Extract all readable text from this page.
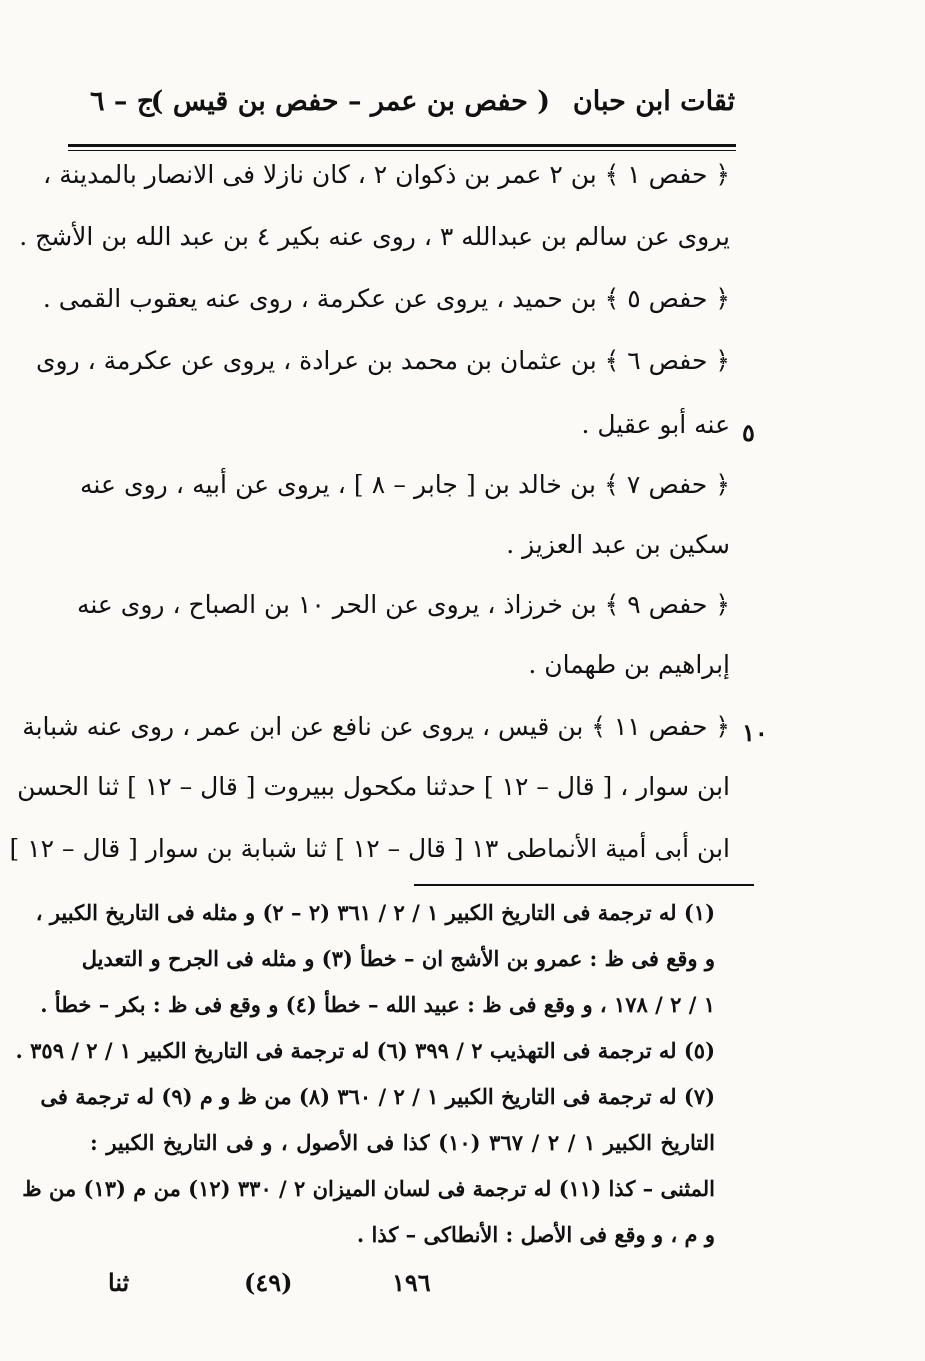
ثقات ابن حبان
( حفص بن عمر – حفص بن قيس )
ج – ٦
﴿ حفص ١ ﴾ بن ٢ عمر بن ذكوان ٢ ، كان نازلا فى الانصار بالمدينة ،
يروى عن سالم بن عبدالله ٣ ، روى عنه بكير ٤ بن عبد الله بن الأشج .
﴿ حفص ٥ ﴾ بن حميد ، يروى عن عكرمة ، روى عنه يعقوب القمى .
﴿ حفص ٦ ﴾ بن عثمان بن محمد بن عرادة ، يروى عن عكرمة ، روى
عنه أبو عقيل .
﴿ حفص ٧ ﴾ بن خالد بن [ جابر – ٨ ] ، يروى عن أبيه ، روى عنه
سكين بن عبد العزيز .
﴿ حفص ٩ ﴾ بن خرزاذ ، يروى عن الحر ١٠ بن الصباح ، روى عنه
إبراهيم بن طهمان .
﴿ حفص ١١ ﴾ بن قيس ، يروى عن نافع عن ابن عمر ، روى عنه شبابة
ابن سوار ، [ قال – ١٢ ] حدثنا مكحول ببيروت [ قال – ١٢ ] ثنا الحسن
ابن أبى أمية الأنماطى ١٣ [ قال – ١٢ ] ثنا شبابة بن سوار [ قال – ١٢ ]
٥
١٠
(١) له ترجمة فى التاريخ الكبير ١ / ٢ / ٣٦١ (٢ – ٢) و مثله فى التاريخ الكبير ،
و وقع فى ظ : عمرو بن الأشج ان – خطأ (٣) و مثله فى الجرح و التعديل
١ / ٢ / ١٧٨ ، و وقع فى ظ : عبيد الله – خطأ (٤) و وقع فى ظ : بكر – خطأ .
(٥) له ترجمة فى التهذيب ٢ / ٣٩٩ (٦) له ترجمة فى التاريخ الكبير ١ / ٢ / ٣٥٩ .
(٧) له ترجمة فى التاريخ الكبير ١ / ٢ / ٣٦٠ (٨) من ظ و م (٩) له ترجمة فى
التاريخ الكبير ١ / ٢ / ٣٦٧ (١٠) كذا فى الأصول ، و فى التاريخ الكبير :
المثنى – كذا (١١) له ترجمة فى لسان الميزان ٢ / ٣٣٠ (١٢) من م (١٣) من ظ
و م ، و وقع فى الأصل : الأنطاكى – كذا .
ثنا	(٤٩)	١٩٦
